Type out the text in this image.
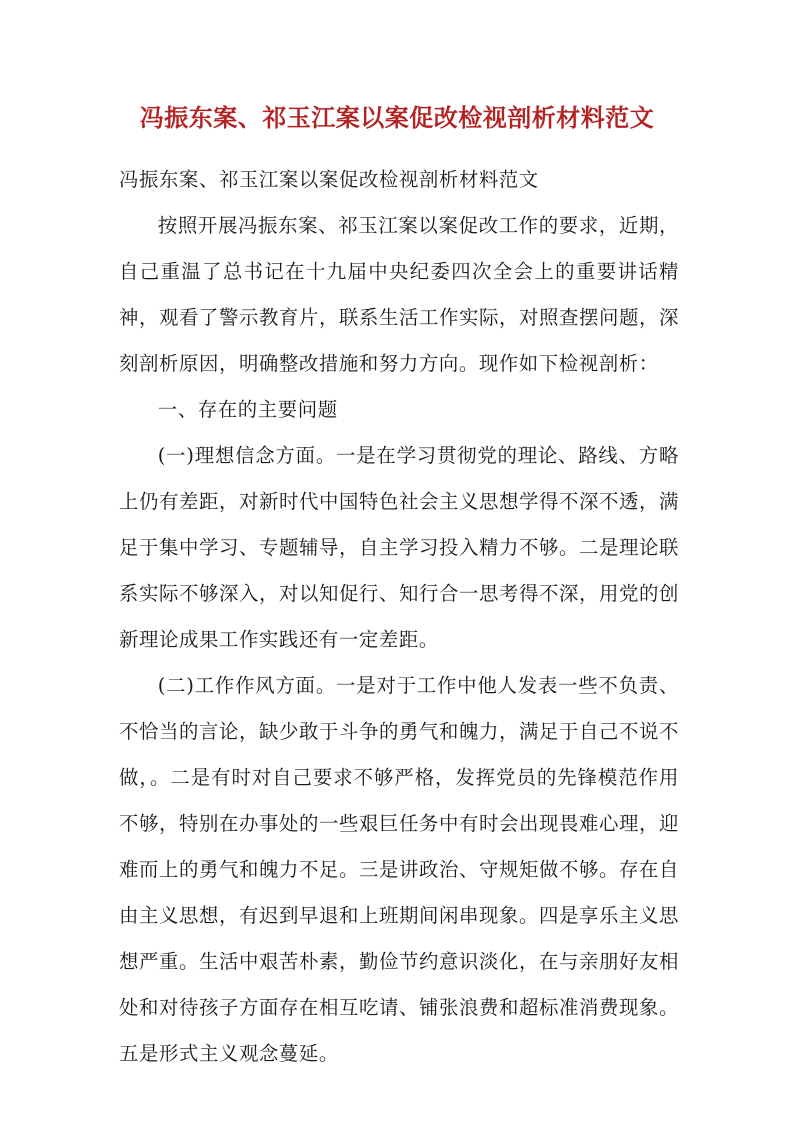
冯振东案、祁玉江案以案促改检视剖析材料范文

冯振东案、祁玉江案以案促改检视剖析材料范文

按照开展冯振东案、祁玉江案以案促改工作的要求，近期，自己重温了总书记在十九届中央纪委四次全会上的重要讲话精神，观看了警示教育片，联系生活工作实际，对照查摆问题，深刻剖析原因，明确整改措施和努力方向。现作如下检视剖析：

一、存在的主要问题

(一)理想信念方面。一是在学习贯彻党的理论、路线、方略上仍有差距，对新时代中国特色社会主义思想学得不深不透，满足于集中学习、专题辅导，自主学习投入精力不够。二是理论联系实际不够深入，对以知促行、知行合一思考得不深，用党的创新理论成果工作实践还有一定差距。

(二)工作作风方面。一是对于工作中他人发表一些不负责、不恰当的言论，缺少敢于斗争的勇气和魄力，满足于自己不说不做，。二是有时对自己要求不够严格，发挥党员的先锋模范作用不够，特别在办事处的一些艰巨任务中有时会出现畏难心理，迎难而上的勇气和魄力不足。三是讲政治、守规矩做不够。存在自由主义思想，有迟到早退和上班期间闲串现象。四是享乐主义思想严重。生活中艰苦朴素，勤俭节约意识淡化，在与亲朋好友相处和对待孩子方面存在相互吃请、铺张浪费和超标准消费现象。五是形式主义观念蔓延。
